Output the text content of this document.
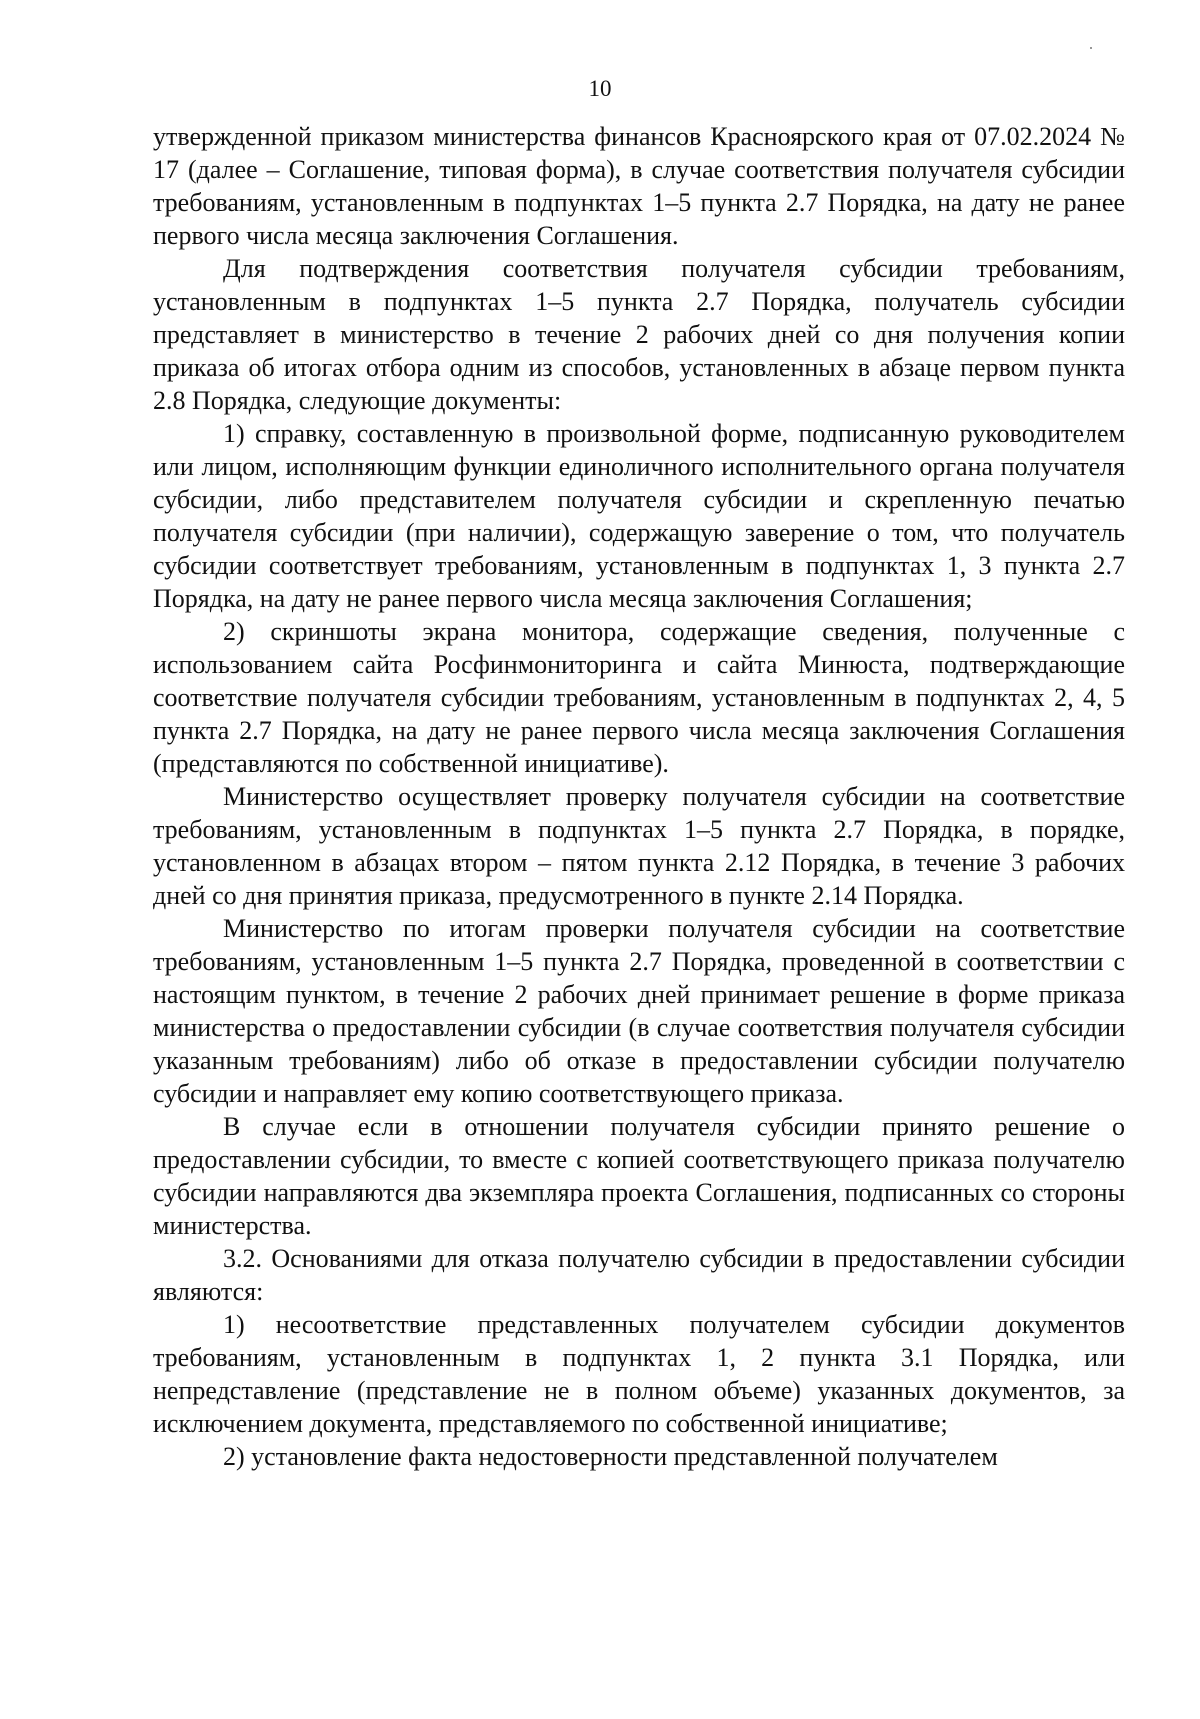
10

утвержденной приказом министерства финансов Красноярского края от 07.02.2024 № 17 (далее – Соглашение, типовая форма), в случае соответствия получателя субсидии требованиям, установленным в подпунктах 1–5 пункта 2.7 Порядка, на дату не ранее первого числа месяца заключения Соглашения.

Для подтверждения соответствия получателя субсидии требованиям, установленным в подпунктах 1–5 пункта 2.7 Порядка, получатель субсидии представляет в министерство в течение 2 рабочих дней со дня получения копии приказа об итогах отбора одним из способов, установленных в абзаце первом пункта 2.8 Порядка, следующие документы:

1) справку, составленную в произвольной форме, подписанную руководителем или лицом, исполняющим функции единоличного исполнительного органа получателя субсидии, либо представителем получателя субсидии и скрепленную печатью получателя субсидии (при наличии), содержащую заверение о том, что получатель субсидии соответствует требованиям, установленным в подпунктах 1, 3 пункта 2.7 Порядка, на дату не ранее первого числа месяца заключения Соглашения;

2) скриншоты экрана монитора, содержащие сведения, полученные с использованием сайта Росфинмониторинга и сайта Минюста, подтверждающие соответствие получателя субсидии требованиям, установленным в подпунктах 2, 4, 5 пункта 2.7 Порядка, на дату не ранее первого числа месяца заключения Соглашения (представляются по собственной инициативе).

Министерство осуществляет проверку получателя субсидии на соответствие требованиям, установленным в подпунктах 1–5 пункта 2.7 Порядка, в порядке, установленном в абзацах втором – пятом пункта 2.12 Порядка, в течение 3 рабочих дней со дня принятия приказа, предусмотренного в пункте 2.14 Порядка.

Министерство по итогам проверки получателя субсидии на соответствие требованиям, установленным 1–5 пункта 2.7 Порядка, проведенной в соответствии с настоящим пунктом, в течение 2 рабочих дней принимает решение в форме приказа министерства о предоставлении субсидии (в случае соответствия получателя субсидии указанным требованиям) либо об отказе в предоставлении субсидии получателю субсидии и направляет ему копию соответствующего приказа.

В случае если в отношении получателя субсидии принято решение о предоставлении субсидии, то вместе с копией соответствующего приказа получателю субсидии направляются два экземпляра проекта Соглашения, подписанных со стороны министерства.

3.2. Основаниями для отказа получателю субсидии в предоставлении субсидии являются:

1) несоответствие представленных получателем субсидии документов требованиям, установленным в подпунктах 1, 2 пункта 3.1 Порядка, или непредставление (представление не в полном объеме) указанных документов, за исключением документа, представляемого по собственной инициативе;

2) установление факта недостоверности представленной получателем
